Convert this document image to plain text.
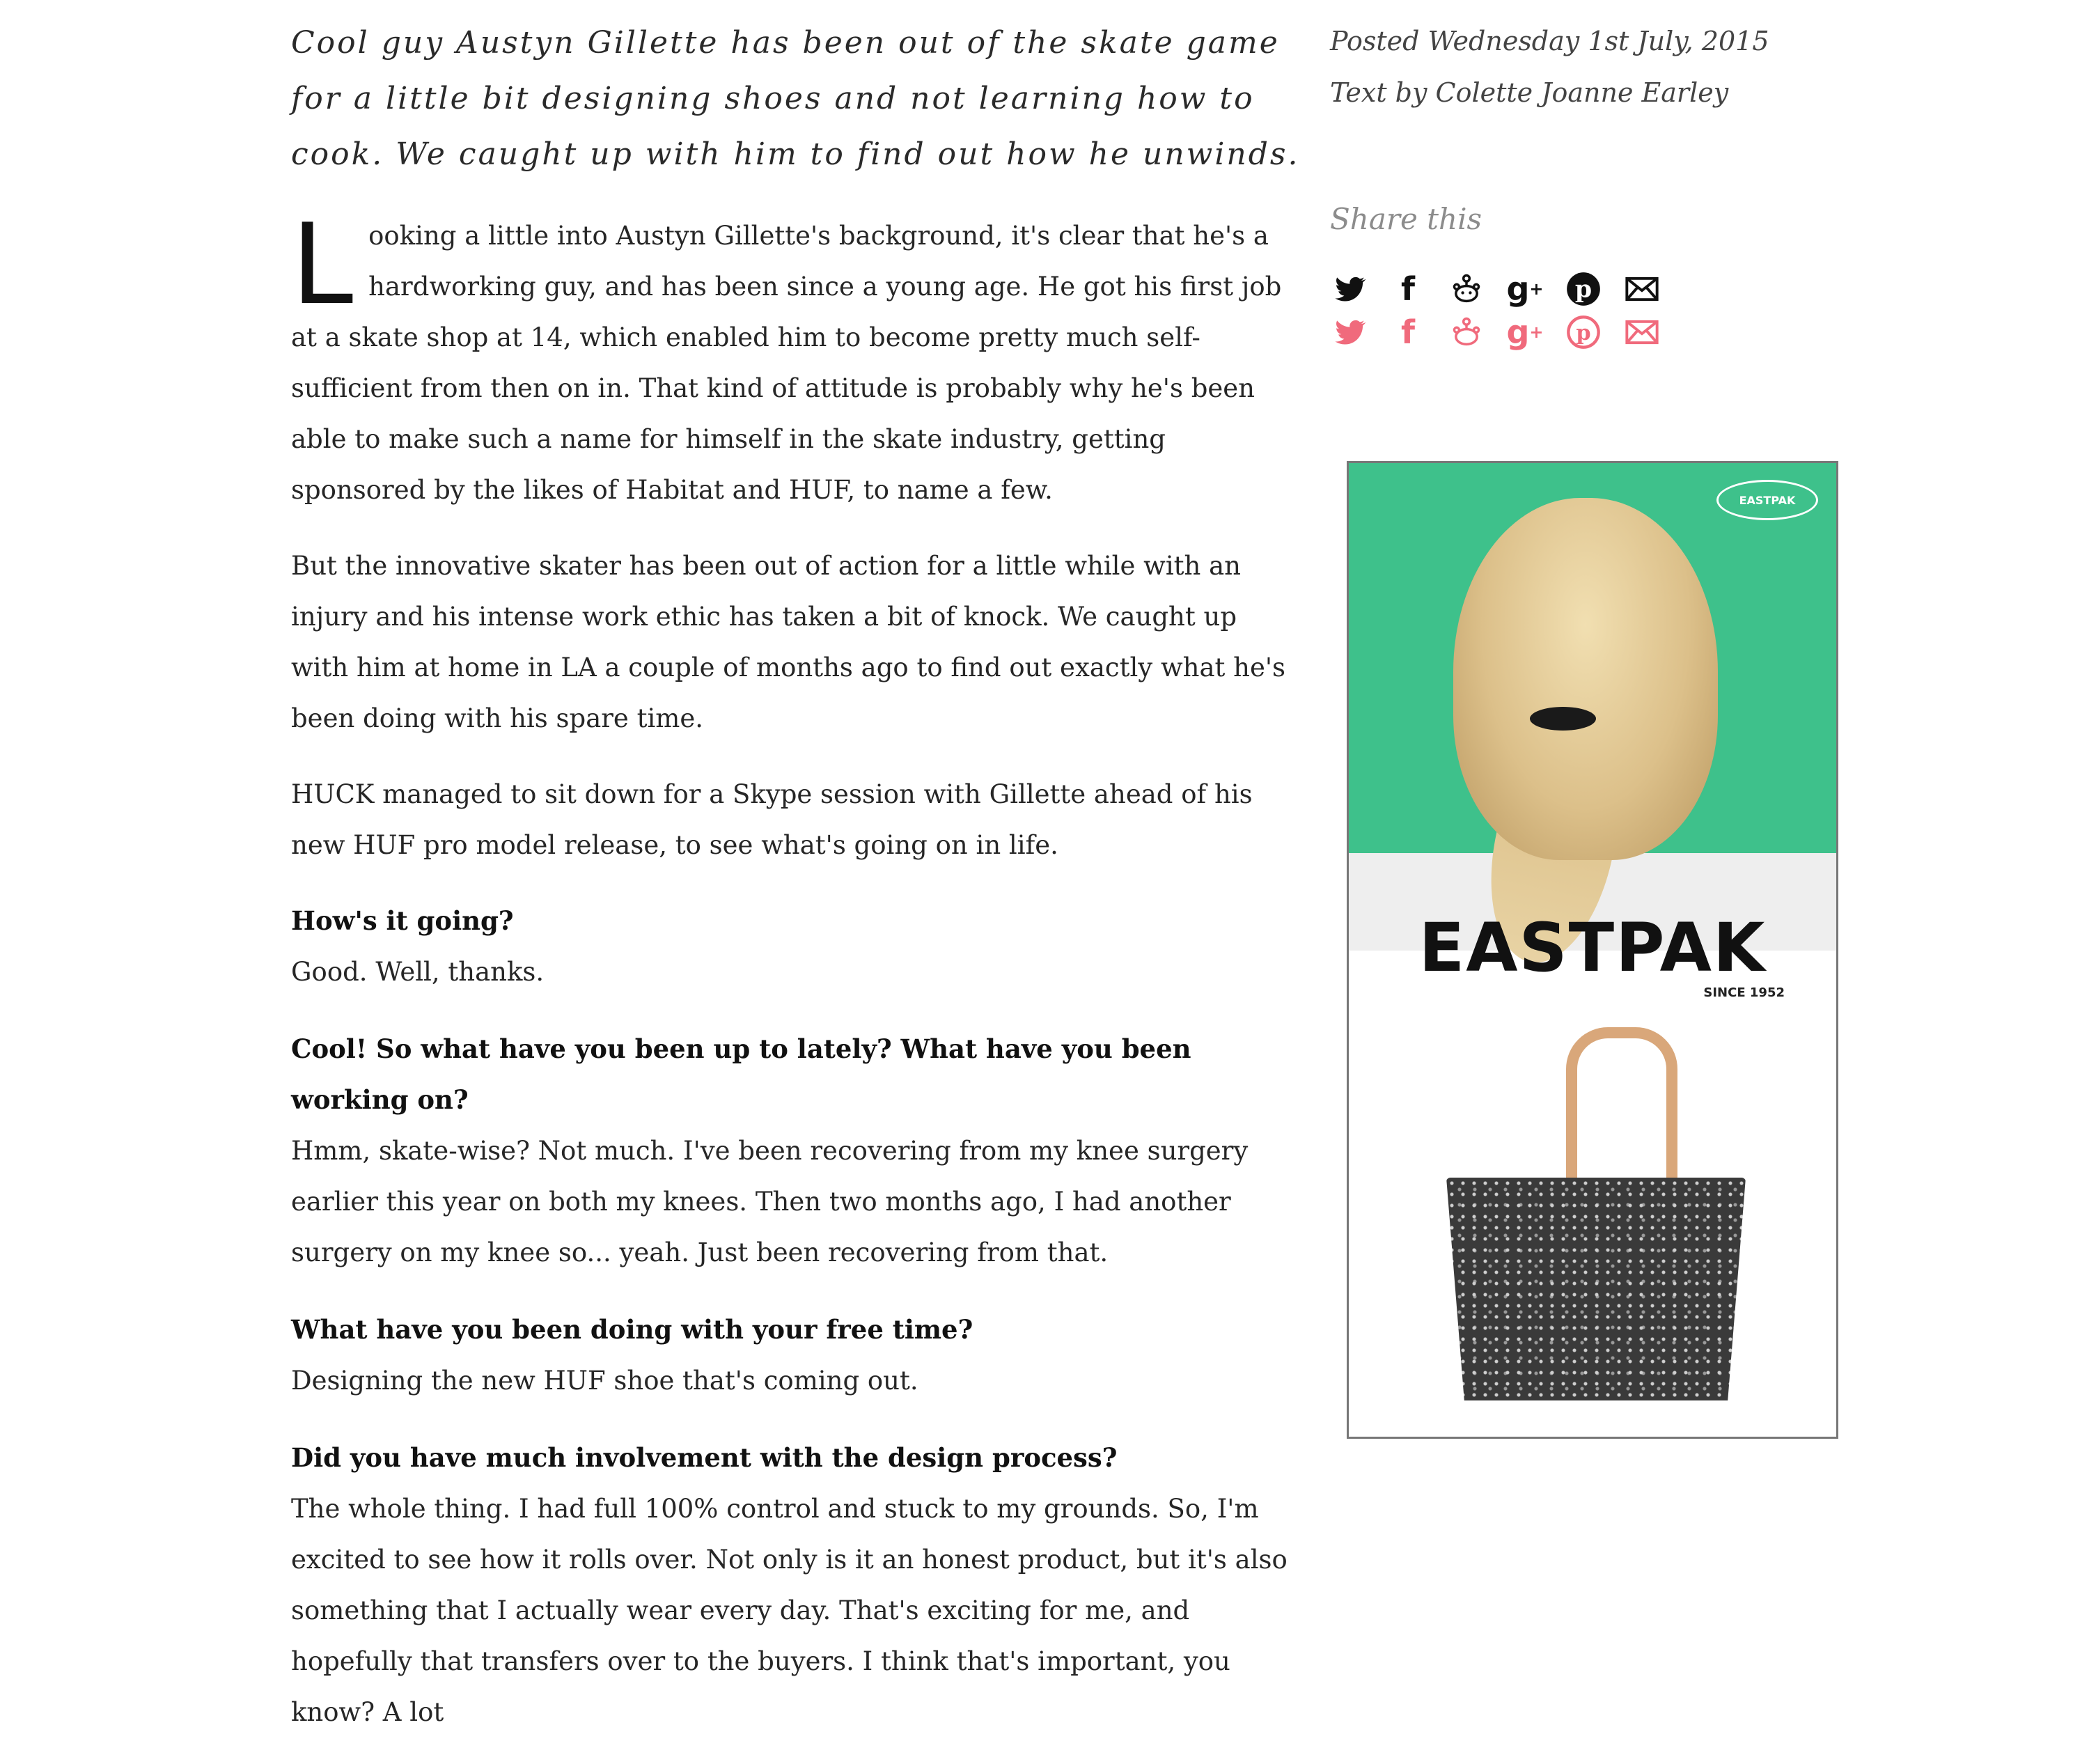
Cool guy Austyn Gillette has been out of the skate game for a little bit designing shoes and not learning how to cook. We caught up with him to find out how he unwinds.

Looking a little into Austyn Gillette's background, it's clear that he's a hardworking guy, and has been since a young age. He got his first job at a skate shop at 14, which enabled him to become pretty much self-sufficient from then on in. That kind of attitude is probably why he's been able to make such a name for himself in the skate industry, getting sponsored by the likes of Habitat and HUF, to name a few.

But the innovative skater has been out of action for a little while with an injury and his intense work ethic has taken a bit of knock. We caught up with him at home in LA a couple of months ago to find out exactly what he's been doing with his spare time.

HUCK managed to sit down for a Skype session with Gillette ahead of his new HUF pro model release, to see what's going on in life.

How's it going?
Good. Well, thanks.
Cool! So what have you been up to lately? What have you been working on?
Hmm, skate-wise? Not much. I've been recovering from my knee surgery earlier this year on both my knees. Then two months ago, I had another surgery on my knee so... yeah. Just been recovering from that.
What have you been doing with your free time?
Designing the new HUF shoe that's coming out.
Did you have much involvement with the design process?
The whole thing. I had full 100% control and stuck to my grounds. So, I'm excited to see how it rolls over. Not only is it an honest product, but it's also something that I actually wear every day. That's exciting for me, and hopefully that transfers over to the buyers. I think that's important, you know? A lot
Posted Wednesday 1st July, 2015
Text by Colette Joanne Earley
Share this
f	g +	p
f	g +	p
EASTPAK
EASTPAK
SINCE 1952
